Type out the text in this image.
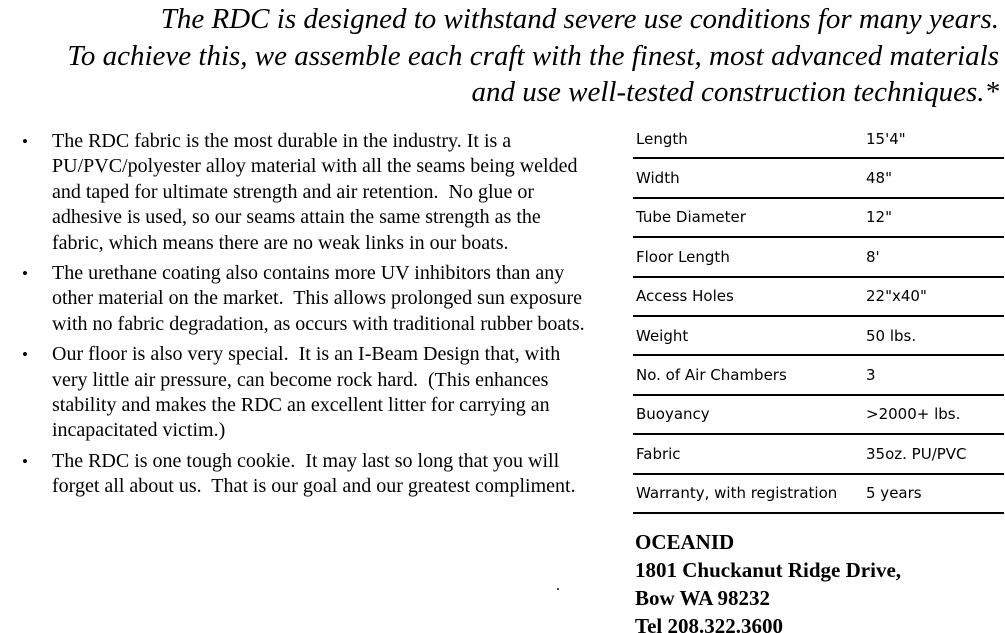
The RDC is designed to withstand severe use conditions for many years.
To achieve this, we assemble each craft with the finest, most advanced materials
and use well-tested construction techniques.*
•	The RDC fabric is the most durable in the industry. It is a PU/PVC/polyester alloy material with all the seams being welded and taped for ultimate strength and air retention.  No glue or adhesive is used, so our seams attain the same strength as the fabric, which means there are no weak links in our boats.
•	The urethane coating also contains more UV inhibitors than any other material on the market.  This allows prolonged sun exposure with no fabric degradation, as occurs with traditional rubber boats.
•	Our floor is also very special.  It is an I-Beam Design that, with very little air pressure, can become rock hard.  (This enhances stability and makes the RDC an excellent litter for carrying an incapacitated victim.)
•	The RDC is one tough cookie.  It may last so long that you will forget all about us.  That is our goal and our greatest compliment.
Length	15'4"
Width	48"
Tube Diameter	12"
Floor Length	8'
Access Holes	22"x40"
Weight	50 lbs.
No. of Air Chambers	3
Buoyancy	>2000+ lbs.
Fabric	35oz. PU/PVC
Warranty, with registration	5 years
OCEANID
1801 Chuckanut Ridge Drive,
Bow WA 98232
Tel 208.322.3600
.
